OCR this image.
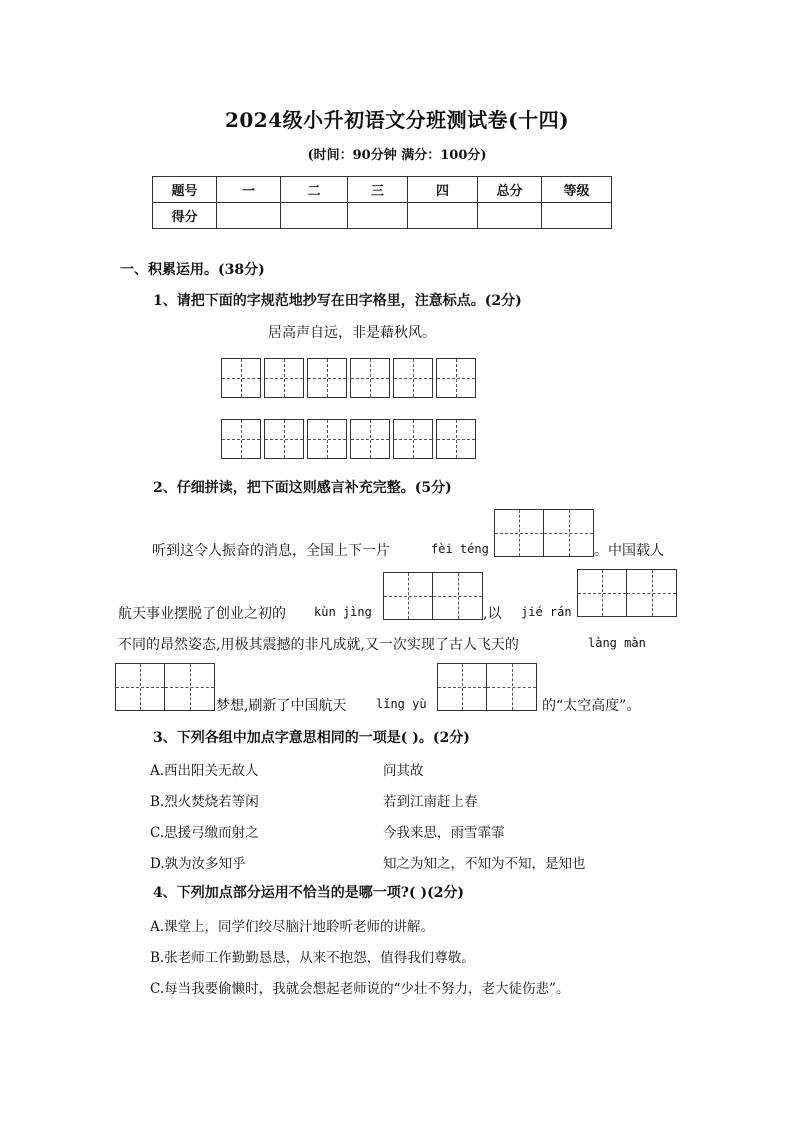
2024级小升初语文分班测试卷(十四)
(时间：90分钟 满分：100分)
题号	一	二	三	四	总分	等级
得分						
一、积累运用。(38分)
1、请把下面的字规范地抄写在田字格里，注意标点。(2分)
居高声自远，非是藉秋风。
2、仔细拼读，把下面这则感言补充完整。(5分)
听到这令人振奋的消息，全国上下一片	fèi téng	。中国载人
航天事业摆脱了创业之初的 kùn jìng	,以 jié rán
不同的昂然姿态,用极其震撼的非凡成就,又一次实现了古人飞天的	làng màn
梦想,刷新了中国航天 lǐng yù	的“太空高度”。
3、下列各组中加点字意思相同的一项是( )。(2分)
A.西出阳关无故人	问其故
B.烈火焚烧若等闲	若到江南赶上春
C.思援弓缴而射之	今我来思，雨雪霏霏
D.孰为汝多知乎	知之为知之，不知为不知，是知也
4、下列加点部分运用不恰当的是哪一项?( )(2分)
A.课堂上，同学们绞尽脑汁地聆听老师的讲解。
B.张老师工作勤勤恳恳，从来不抱怨，值得我们尊敬。
C.每当我要偷懒时，我就会想起老师说的“少壮不努力，老大徒伤悲”。
